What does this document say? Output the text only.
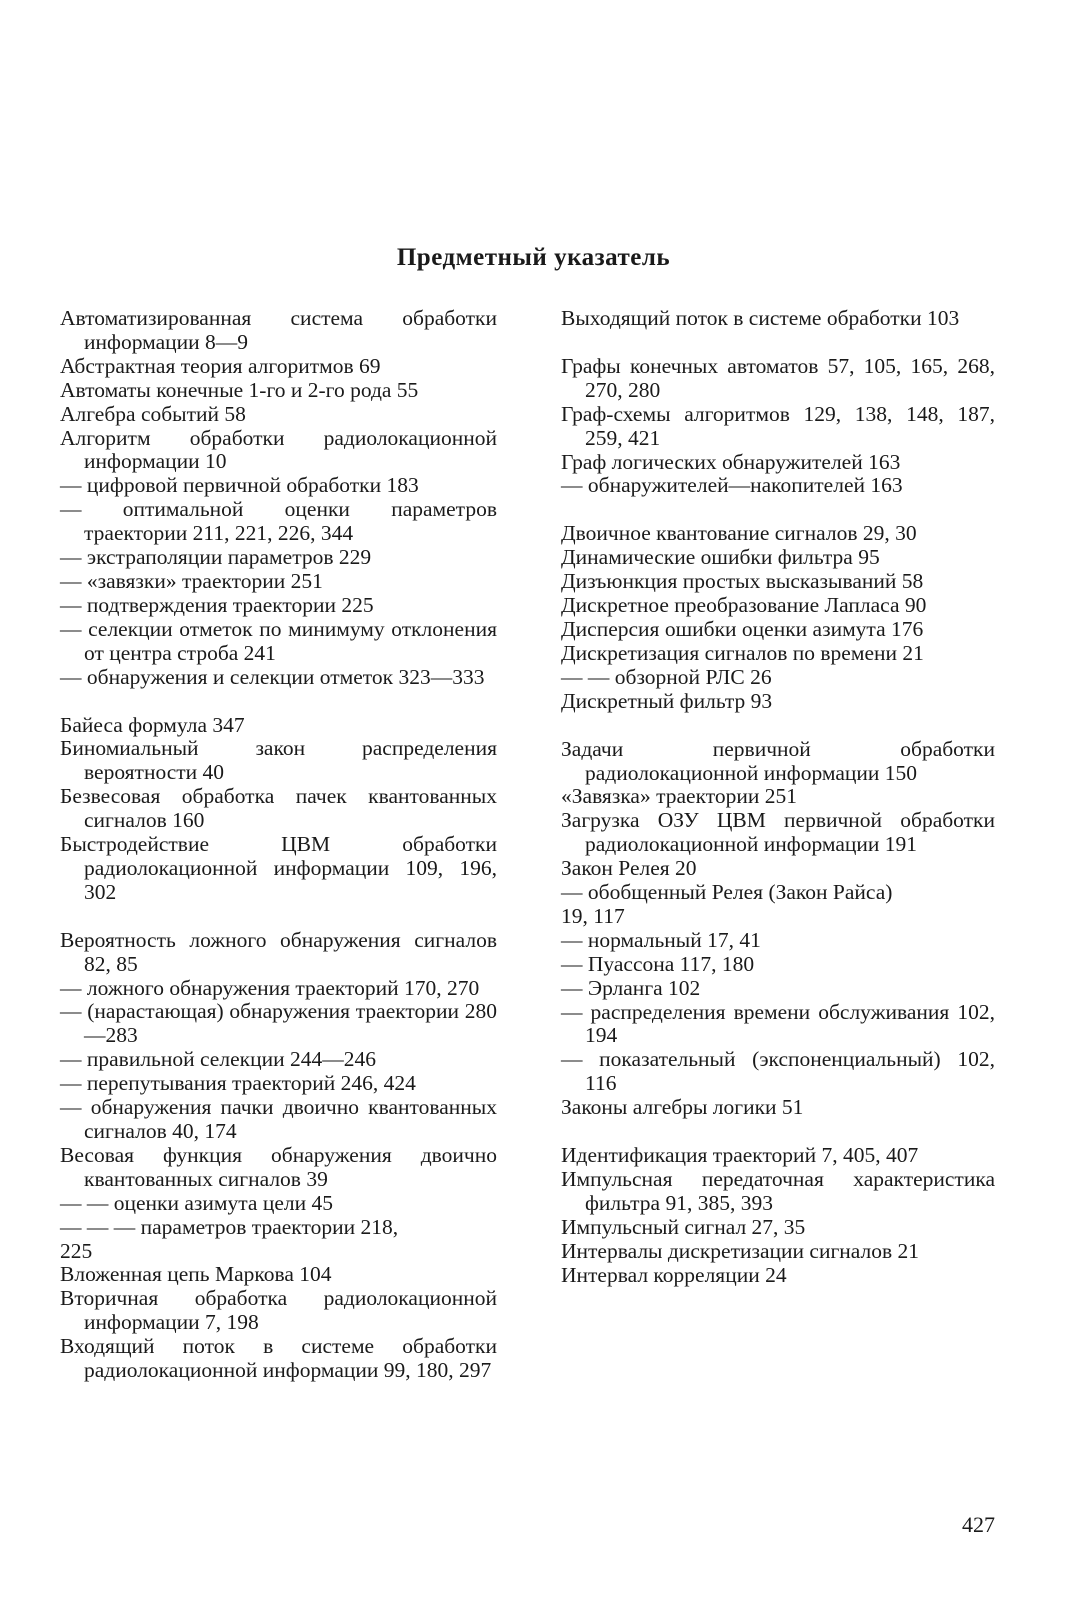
Предметный указатель
Автоматизированная система обработки информации 8—9
Абстрактная теория алгоритмов 69
Автоматы конечные 1-го и 2-го рода 55
Алгебра событий 58
Алгоритм обработки радиолокационной информации 10
— цифровой первичной обработки 183
— оптимальной оценки параметров траектории 211, 221, 226, 344
— экстраполяции параметров 229
— «завязки» траектории 251
— подтверждения траектории 225
— селекции отметок по минимуму отклонения от центра строба 241
— обнаружения и селекции отметок 323—333
Байеса формула 347
Биномиальный закон распределения вероятности 40
Безвесовая обработка пачек квантованных сигналов 160
Быстродействие ЦВМ обработки радиолокационной информации 109, 196, 302
Вероятность ложного обнаружения сигналов 82, 85
— ложного обнаружения траекторий 170, 270
— (нарастающая) обнаружения траектории 280—283
— правильной селекции 244—246
— перепутывания траекторий 246, 424
— обнаружения пачки двоично квантованных сигналов 40, 174
Весовая функция обнаружения двоично квантованных сигналов 39
— — оценки азимута цели 45
— — — параметров траектории 218,
225
Вложенная цепь Маркова 104
Вторичная обработка радиолокационной информации 7, 198
Входящий поток в системе обработки радиолокационной информации 99, 180, 297
Выходящий поток в системе обработки 103
Графы конечных автоматов 57, 105, 165, 268, 270, 280
Граф-схемы алгоритмов 129, 138, 148, 187, 259, 421
Граф логических обнаружителей 163
— обнаружителей—накопителей 163
Двоичное квантование сигналов 29, 30
Динамические ошибки фильтра 95
Дизъюнкция простых высказываний 58
Дискретное преобразование Лапласа 90
Дисперсия ошибки оценки азимута 176
Дискретизация сигналов по времени 21
— — обзорной РЛС 26
Дискретный фильтр 93
Задачи первичной обработки радиолокационной информации 150
«Завязка» траектории 251
Загрузка ОЗУ ЦВМ первичной обработки радиолокационной информации 191
Закон Релея 20
— обобщенный Релея (Закон Райса)
19, 117
— нормальный 17, 41
— Пуассона 117, 180
— Эрланга 102
— распределения времени обслуживания 102, 194
— показательный (экспоненциальный) 102, 116
Законы алгебры логики 51
Идентификация траекторий 7, 405, 407
Импульсная передаточная характеристика фильтра 91, 385, 393
Импульсный сигнал 27, 35
Интервалы дискретизации сигналов 21
Интервал корреляции 24
427
